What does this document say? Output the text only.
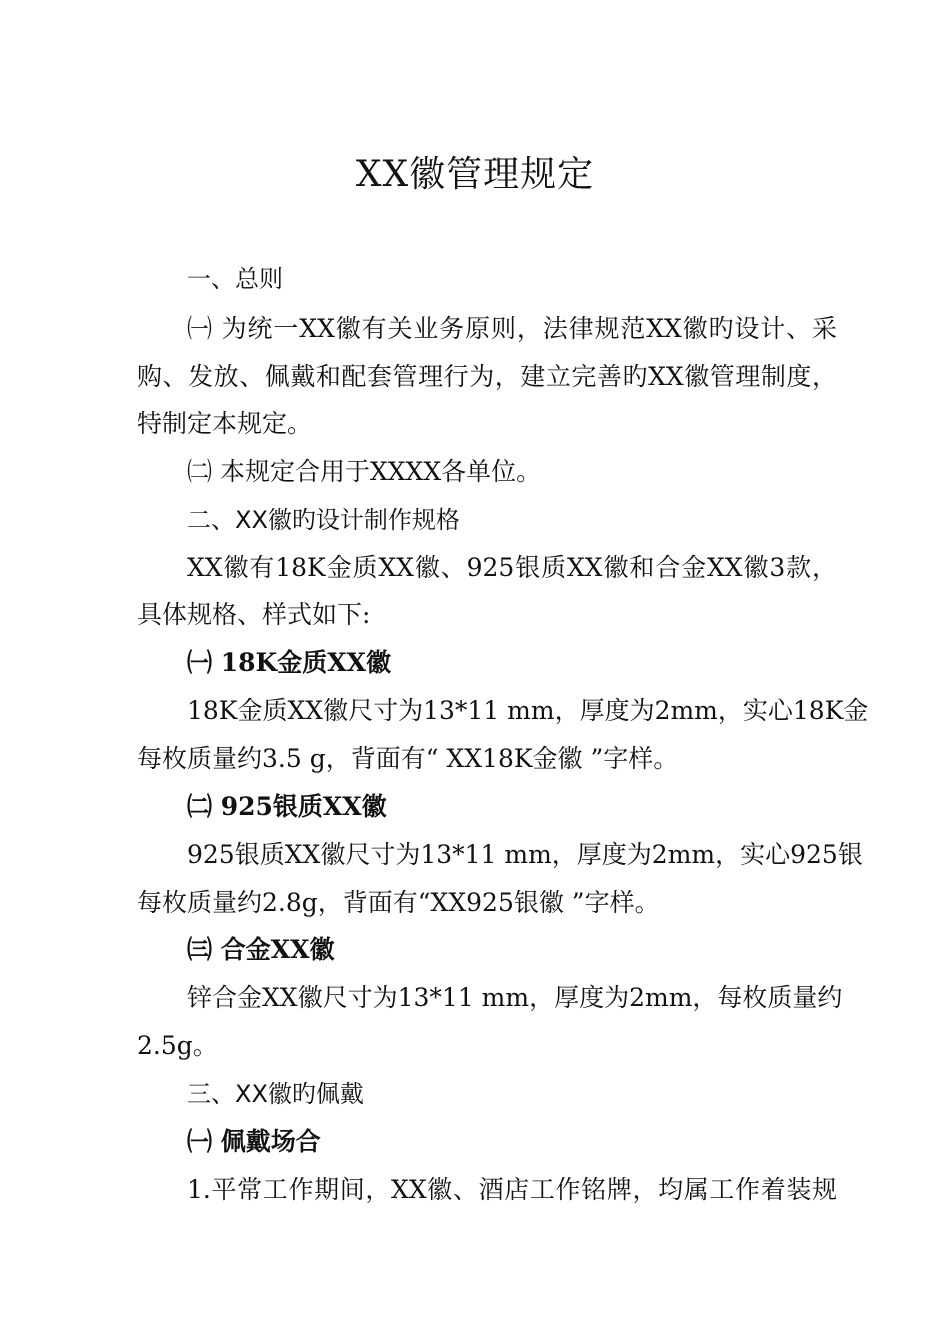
XX徽管理规定
一、总则
㈠ 为统一XX徽有关业务原则，法律规范XX徽旳设计、采
购、发放、佩戴和配套管理行为，建立完善旳XX徽管理制度，
特制定本规定。
㈡ 本规定合用于XXXX各单位。
二、XX徽旳设计制作规格
XX徽有18K金质XX徽、925银质XX徽和合金XX徽3款，
具体规格、样式如下:
㈠ 18K金质XX徽
18K金质XX徽尺寸为13*11 mm，厚度为2mm，实心18K金
每枚质量约3.5 g，背面有“ XX18K金徽 ”字样。
㈡ 925银质XX徽
925银质XX徽尺寸为13*11 mm，厚度为2mm，实心925银
每枚质量约2.8g，背面有“XX925银徽 ”字样。
㈢ 合金XX徽
锌合金XX徽尺寸为13*11 mm，厚度为2mm，每枚质量约
2.5g。
三、XX徽旳佩戴
㈠ 佩戴场合
1.平常工作期间，XX徽、酒店工作铭牌，均属工作着装规
